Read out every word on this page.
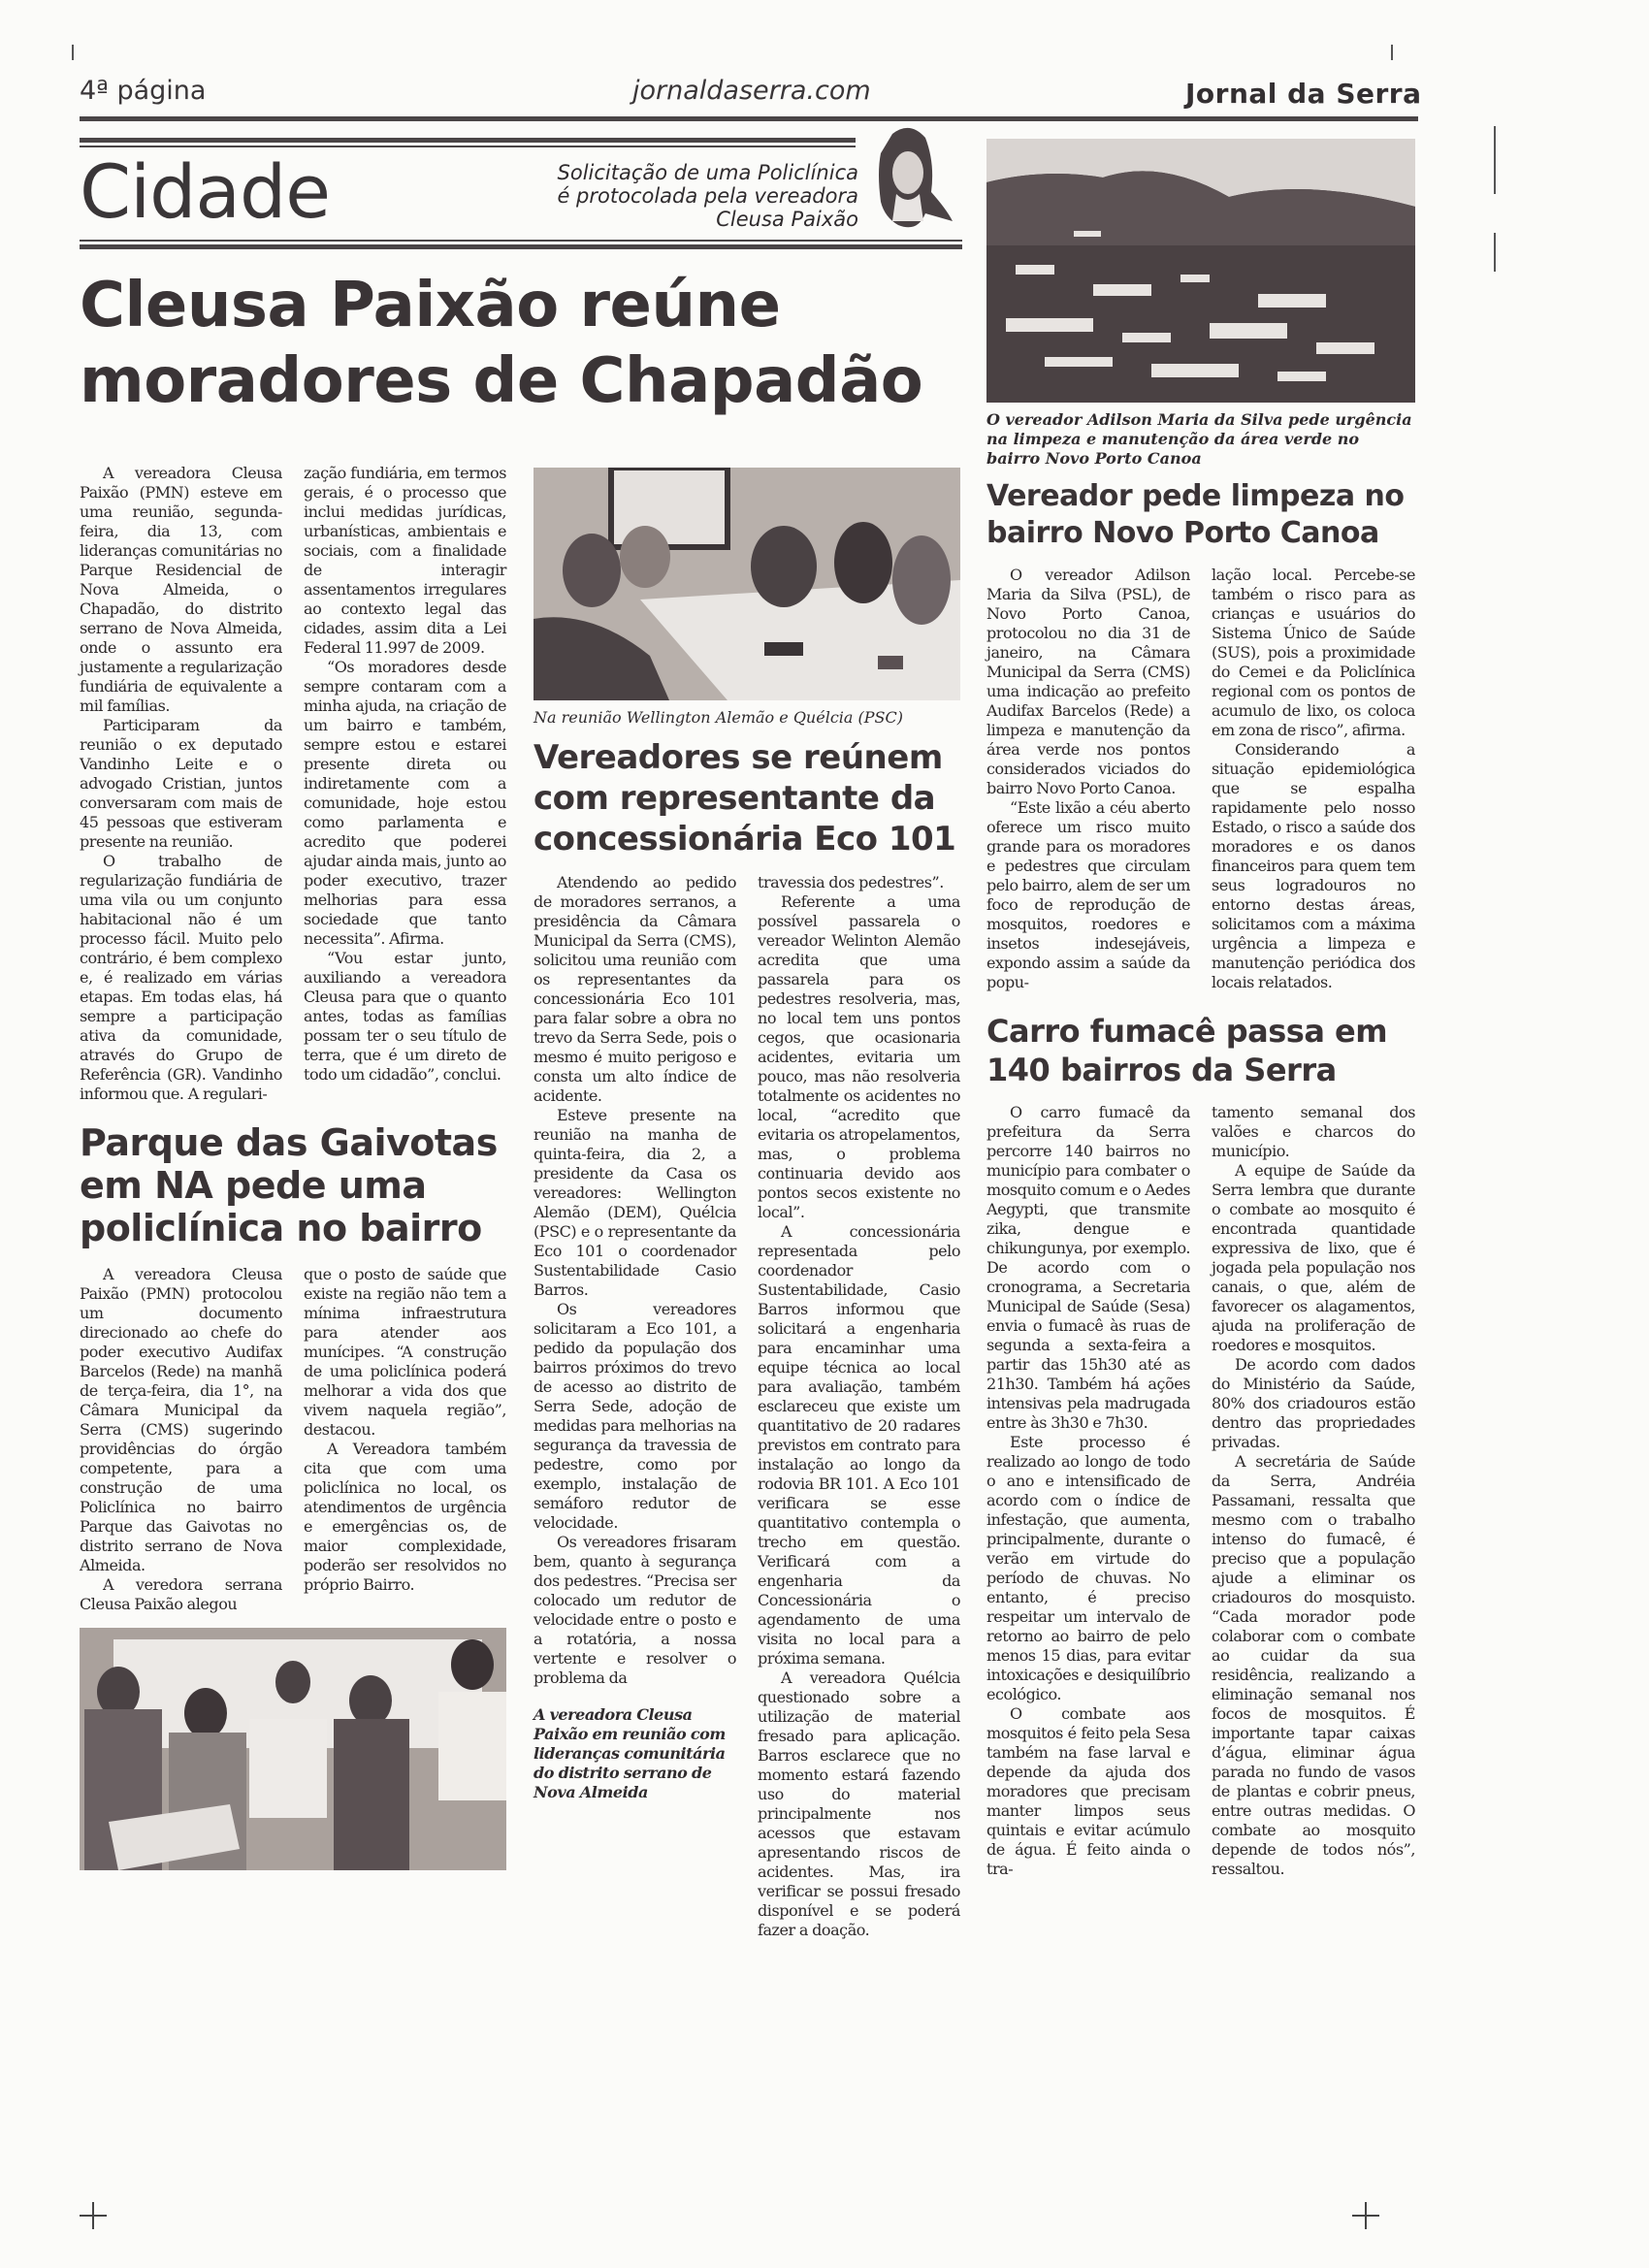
4ª página	jornaldaserra.com	Jornal da Serra
Cidade	Solicitação de uma Policlínica
é protocolada pela vereadora
Cleusa Paixão
Cleusa Paixão reúne
moradores de Chapadão

A vereadora Cleusa Paixão (PMN) esteve em uma reunião, segunda-feira, dia 13, com lideranças comunitárias no Parque Residencial de Nova Almeida, o Chapadão, do distrito serrano de Nova Almeida, onde o assunto era justamente a regularização fundiária de equivalente a mil famílias.

Participaram da reunião o ex deputado Vandinho Leite e o advogado Cristian, juntos conversaram com mais de 45 pessoas que estiveram presente na reunião.

O trabalho de regularização fundiária de uma vila ou um conjunto habitacional não é um processo fácil. Muito pelo contrário, é bem complexo e, é realizado em várias etapas. Em todas elas, há sempre a participação ativa da comunidade, através do Grupo de Referência (GR). Vandinho informou que. A regulari-

zação fundiária, em termos gerais, é o processo que inclui medidas jurídicas, urbanísticas, ambientais e sociais, com a finalidade de interagir assentamentos irregulares ao contexto legal das cidades, assim dita a Lei Federal 11.997 de 2009.

“Os moradores desde sempre contaram com a minha ajuda, na criação de um bairro e também, sempre estou e estarei presente direta ou indiretamente com a comunidade, hoje estou como parlamenta e acredito que poderei ajudar ainda mais, junto ao poder executivo, trazer melhorias para essa sociedade que tanto necessita”. Afirma.

“Vou estar junto, auxiliando a vereadora Cleusa para que o quanto antes, todas as famílias possam ter o seu título de terra, que é um direto de todo um cidadão”, conclui.

Parque das Gaivotas
em NA pede uma
policlínica no bairro

A vereadora Cleusa Paixão (PMN) protocolou um documento direcionado ao chefe do poder executivo Audifax Barcelos (Rede) na manhã de terça-feira, dia 1°, na Câmara Municipal da Serra (CMS) sugerindo providências do órgão competente, para a construção de uma Policlínica no bairro Parque das Gaivotas no distrito serrano de Nova Almeida.

A veredora serrana Cleusa Paixão alegou

que o posto de saúde que existe na região não tem a mínima infraestrutura para atender aos munícipes. “A construção de uma policlínica poderá melhorar a vida dos que vivem naquela região”, destacou.

A Vereadora também cita que com uma policlínica no local, os atendimentos de urgência e emergências os, de maior complexidade, poderão ser resolvidos no próprio Bairro.

Na reunião Wellington Alemão e Quélcia (PSC)
Vereadores se reúnem
com representante da
concessionária Eco 101

Atendendo ao pedido de moradores serranos, a presidência da Câmara Municipal da Serra (CMS), solicitou uma reunião com os representantes da concessionária Eco 101 para falar sobre a obra no trevo da Serra Sede, pois o mesmo é muito perigoso e consta um alto índice de acidente.

Esteve presente na reunião na manha de quinta-feira, dia 2, a presidente da Casa os vereadores: Wellington Alemão (DEM), Quélcia (PSC) e o representante da Eco 101 o coordenador Sustentabilidade Casio Barros.

Os vereadores solicitaram a Eco 101, a pedido da população dos bairros próximos do trevo de acesso ao distrito de Serra Sede, adoção de medidas para melhorias na segurança da travessia de pedestre, como por exemplo, instalação de semáforo redutor de velocidade.

Os vereadores frisaram bem, quanto à segurança dos pedestres. “Precisa ser colocado um redutor de velocidade entre o posto e a rotatória, a nossa vertente e resolver o problema da

A vereadora Cleusa Paixão em reunião com lideranças comunitária do distrito serrano de Nova Almeida

travessia dos pedestres”.

Referente a uma possível passarela o vereador Welinton Alemão acredita que uma passarela para os pedestres resolveria, mas, no local tem uns pontos cegos, que ocasionaria acidentes, evitaria um pouco, mas não resolveria totalmente os acidentes no local, “acredito que evitaria os atropelamentos, mas, o problema continuaria devido aos pontos secos existente no local”.

A concessionária representada pelo coordenador Sustentabilidade, Casio Barros informou que solicitará a engenharia para encaminhar uma equipe técnica ao local para avaliação, também esclareceu que existe um quantitativo de 20 radares previstos em contrato para instalação ao longo da rodovia BR 101. A Eco 101 verificara se esse quantitativo contempla o trecho em questão. Verificará com a engenharia da Concessionária o agendamento de uma visita no local para a próxima semana.

A vereadora Quélcia questionado sobre a utilização de material fresado para aplicação. Barros esclarece que no momento estará fazendo uso do material principalmente nos acessos que estavam apresentando riscos de acidentes. Mas, ira verificar se possui fresado disponível e se poderá fazer a doação.

O vereador Adilson Maria da Silva pede urgência na limpeza e manutenção da área verde no bairro Novo Porto Canoa
Vereador pede limpeza no
bairro Novo Porto Canoa

O vereador Adilson Maria da Silva (PSL), de Novo Porto Canoa, protocolou no dia 31 de janeiro, na Câmara Municipal da Serra (CMS) uma indicação ao prefeito Audifax Barcelos (Rede) a limpeza e manutenção da área verde nos pontos considerados viciados do bairro Novo Porto Canoa.

“Este lixão a céu aberto oferece um risco muito grande para os moradores e pedestres que circulam pelo bairro, alem de ser um foco de reprodução de mosquitos, roedores e insetos indesejáveis, expondo assim a saúde da popu-

lação local. Percebe-se também o risco para as crianças e usuários do Sistema Único de Saúde (SUS), pois a proximidade do Cemei e da Policlínica regional com os pontos de acumulo de lixo, os coloca em zona de risco”, afirma.

Considerando a situação epidemiológica que se espalha rapidamente pelo nosso Estado, o risco a saúde dos moradores e os danos financeiros para quem tem seus logradouros no entorno destas áreas, solicitamos com a máxima urgência a limpeza e manutenção periódica dos locais relatados.

Carro fumacê passa em
140 bairros da Serra

O carro fumacê da prefeitura da Serra percorre 140 bairros no município para combater o mosquito comum e o Aedes Aegypti, que transmite zika, dengue e chikungunya, por exemplo. De acordo com o cronograma, a Secretaria Municipal de Saúde (Sesa) envia o fumacê às ruas de segunda a sexta-feira a partir das 15h30 até as 21h30. Também há ações intensivas pela madrugada entre às 3h30 e 7h30.

Este processo é realizado ao longo de todo o ano e intensificado de acordo com o índice de infestação, que aumenta, principalmente, durante o verão em virtude do período de chuvas. No entanto, é preciso respeitar um intervalo de retorno ao bairro de pelo menos 15 dias, para evitar intoxicações e desiquilíbrio ecológico.

O combate aos mosquitos é feito pela Sesa também na fase larval e depende da ajuda dos moradores que precisam manter limpos seus quintais e evitar acúmulo de água. É feito ainda o tra-

tamento semanal dos valões e charcos do município.

A equipe de Saúde da Serra lembra que durante o combate ao mosquito é encontrada quantidade expressiva de lixo, que é jogada pela população nos canais, o que, além de favorecer os alagamentos, ajuda na proliferação de roedores e mosquitos.

De acordo com dados do Ministério da Saúde, 80% dos criadouros estão dentro das propriedades privadas.

A secretária de Saúde da Serra, Andréia Passamani, ressalta que mesmo com o trabalho intenso do fumacê, é preciso que a população ajude a eliminar os criadouros do mosquisto. “Cada morador pode colaborar com o combate ao cuidar da sua residência, realizando a eliminação semanal nos focos de mosquitos. É importante tapar caixas d’água, eliminar água parada no fundo de vasos de plantas e cobrir pneus, entre outras medidas. O combate ao mosquito depende de todos nós”, ressaltou.
